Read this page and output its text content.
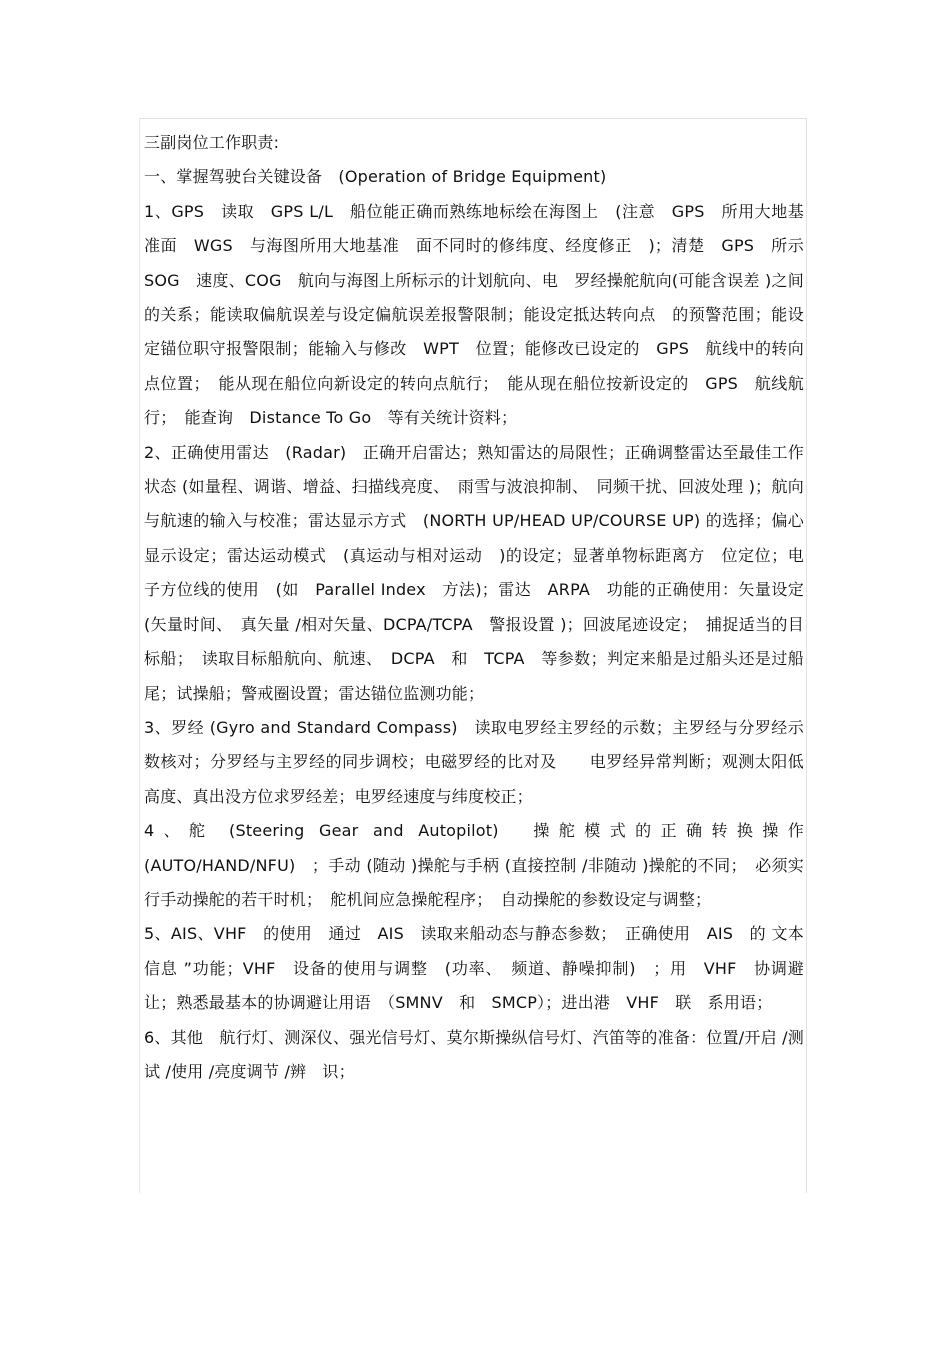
三副岗位工作职责:

一、掌握驾驶台关键设备　(Operation of Bridge Equipment)

1、GPS　读取　GPS L/L　船位能正确而熟练地标绘在海图上　(注意　GPS　所用大地基准面　WGS　与海图所用大地基准　面不同时的修纬度、经度修正　)；清楚　GPS　所示　SOG　速度、COG　航向与海图上所标示的计划航向、电　罗经操舵航向(可能含误差 )之间的关系；能读取偏航误差与设定偏航误差报警限制；能设定抵达转向点　的预警范围；能设定锚位职守报警限制；能输入与修改　WPT　位置；能修改已设定的　GPS　航线中的转向　点位置；　能从现在船位向新设定的转向点航行；　能从现在船位按新设定的　GPS　航线航行；　能查询　Distance To Go　等有关统计资料；

2、正确使用雷达　(Radar)　正确开启雷达；熟知雷达的局限性；正确调整雷达至最佳工作状态 (如量程、调谐、增益、扫描线亮度、　雨雪与波浪抑制、　同频干扰、回波处理 )；航向与航速的输入与校准；雷达显示方式　(NORTH UP/HEAD UP/COURSE UP) 的选择；偏心显示设定；雷达运动模式　(真运动与相对运动　)的设定；显著单物标距离方　位定位；电子方位线的使用　(如　Parallel Index　方法)；雷达　ARPA　功能的正确使用：矢量设定　(矢量时间、　真矢量 /相对矢量、DCPA/TCPA　警报设置 )；回波尾迹设定；　捕捉适当的目标船；　读取目标船航向、航速、　DCPA　和　TCPA　等参数；判定来船是过船头还是过船尾；试操船；警戒圈设置；雷达锚位监测功能；

3、罗经 (Gyro and Standard Compass)　读取电罗经主罗经的示数；主罗经与分罗经示数核对；分罗经与主罗经的同步调校；电磁罗经的比对及　　电罗经异常判断；观测太阳低高度、真出没方位求罗经差；电罗经速度与纬度校正；

4、舵 (Steering Gear and Autopilot)　操舵模式的正确转换操作(AUTO/HAND/NFU)　；手动 (随动 )操舵与手柄 (直接控制 /非随动 )操舵的不同；　必须实行手动操舵的若干时机；　舵机间应急操舵程序；　自动操舵的参数设定与调整；

5、AIS、VHF　的使用　通过　AIS　读取来船动态与静态参数；　正确使用　AIS　的 文本信息 ”功能；VHF　设备的使用与调整　(功率、　频道、静噪抑制)　；用　VHF　协调避让；熟悉最基本的协调避让用语　（SMNV　和　SMCP）；进出港　VHF　联　系用语；

6、其他　航行灯、测深仪、强光信号灯、莫尔斯操纵信号灯、汽笛等的准备：位置/开启 /测试 /使用 /亮度调节 /辨　识；
